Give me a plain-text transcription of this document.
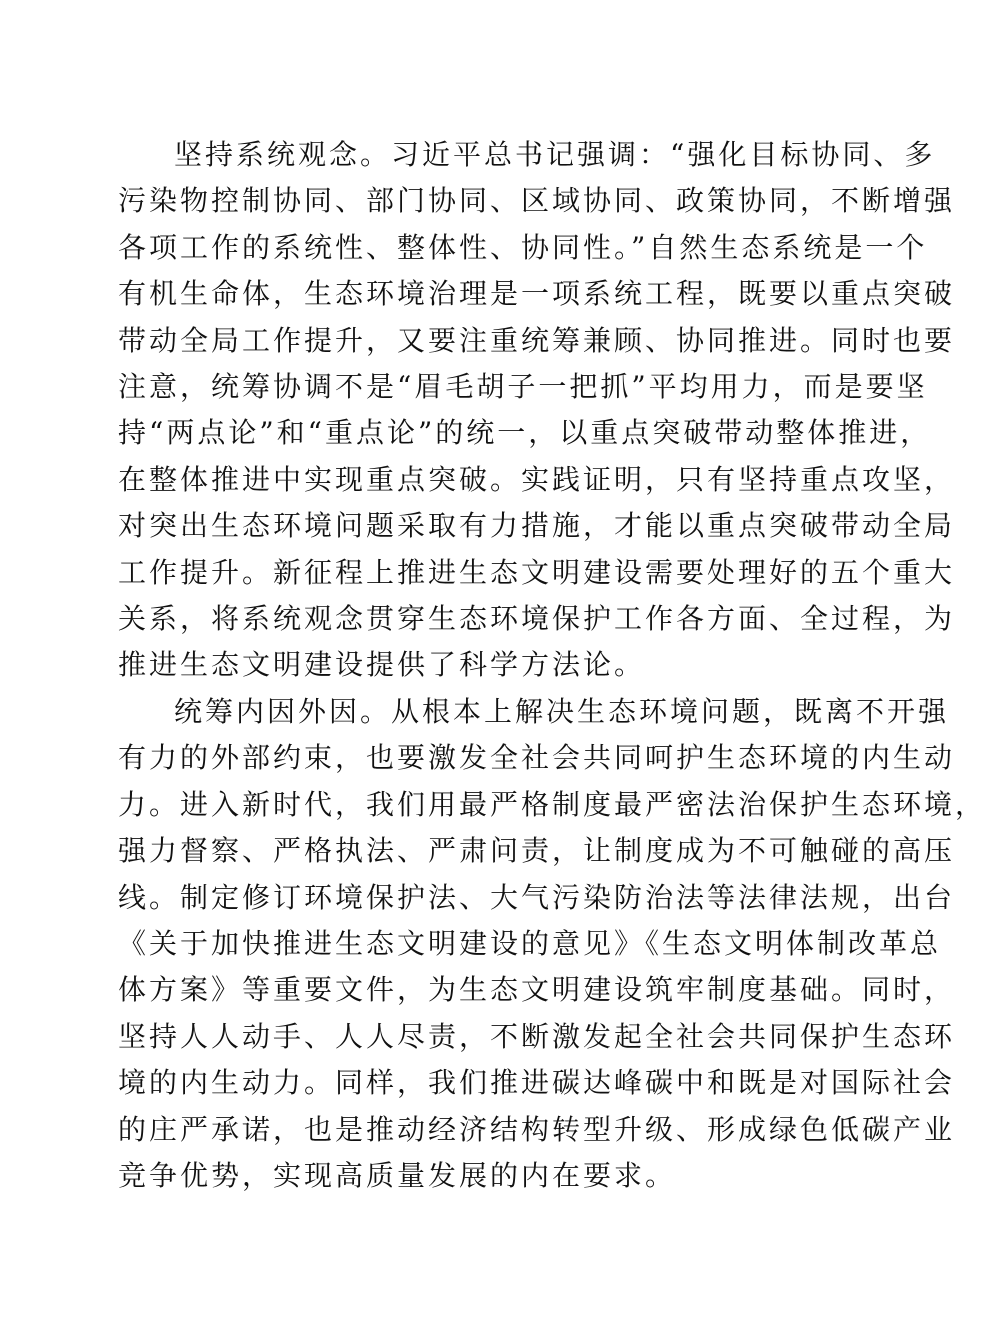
坚持系统观念。习近平总书记强调：“强化目标协同、多
污染物控制协同、部门协同、区域协同、政策协同，不断增强
各项工作的系统性、整体性、协同性。”自然生态系统是一个
有机生命体，生态环境治理是一项系统工程，既要以重点突破
带动全局工作提升，又要注重统筹兼顾、协同推进。同时也要
注意，统筹协调不是“眉毛胡子一把抓”平均用力，而是要坚
持“两点论”和“重点论”的统一，以重点突破带动整体推进，
在整体推进中实现重点突破。实践证明，只有坚持重点攻坚，
对突出生态环境问题采取有力措施，才能以重点突破带动全局
工作提升。新征程上推进生态文明建设需要处理好的五个重大
关系，将系统观念贯穿生态环境保护工作各方面、全过程，为
推进生态文明建设提供了科学方法论。

统筹内因外因。从根本上解决生态环境问题，既离不开强
有力的外部约束，也要激发全社会共同呵护生态环境的内生动
力。进入新时代，我们用最严格制度最严密法治保护生态环境，
强力督察、严格执法、严肃问责，让制度成为不可触碰的高压
线。制定修订环境保护法、大气污染防治法等法律法规，出台
《关于加快推进生态文明建设的意见》《生态文明体制改革总
体方案》等重要文件，为生态文明建设筑牢制度基础。同时，
坚持人人动手、人人尽责，不断激发起全社会共同保护生态环
境的内生动力。同样，我们推进碳达峰碳中和既是对国际社会
的庄严承诺，也是推动经济结构转型升级、形成绿色低碳产业
竞争优势，实现高质量发展的内在要求。
